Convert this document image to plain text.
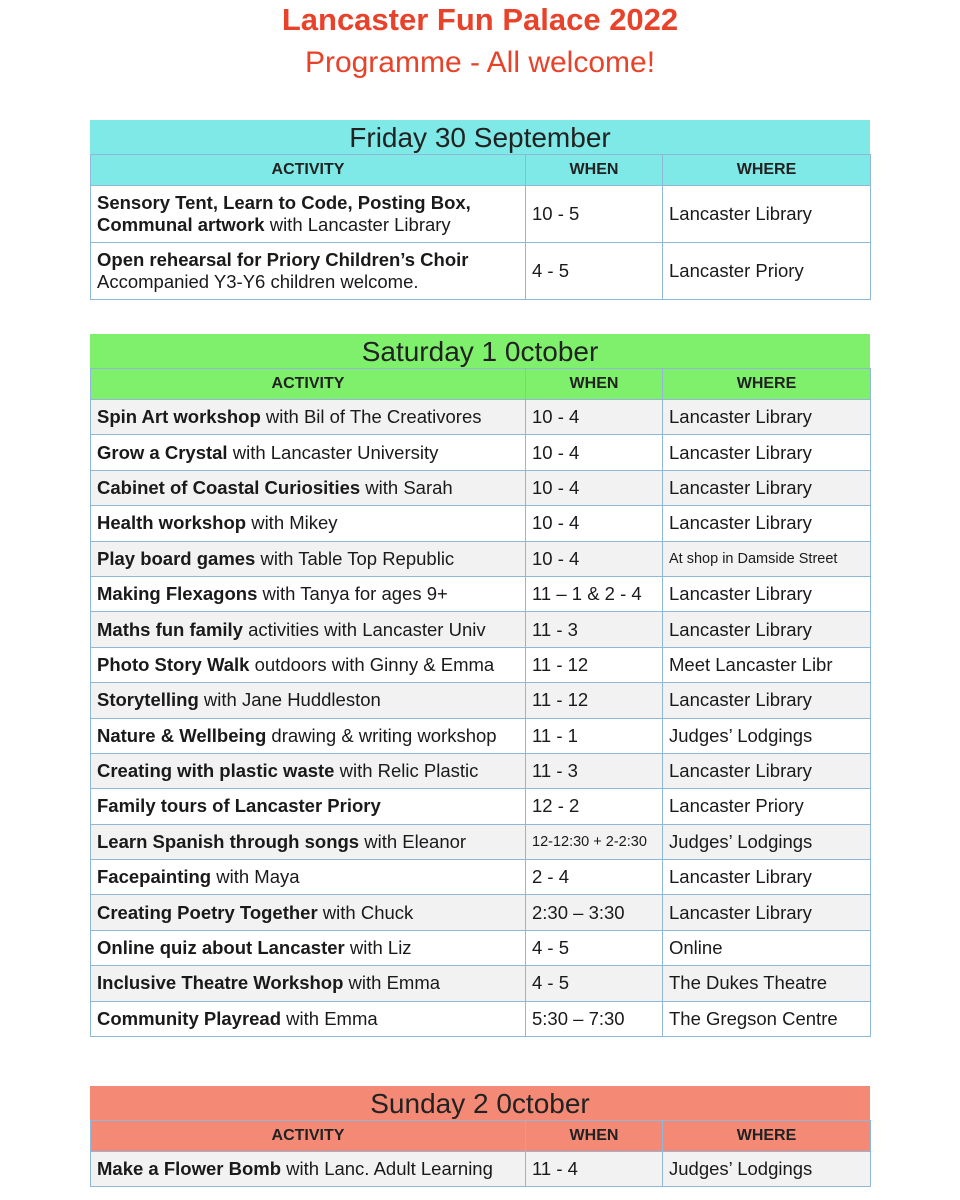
Lancaster Fun Palace 2022
Programme - All welcome!
Friday 30 September
ACTIVITY	WHEN	WHERE
Sensory Tent, Learn to Code, Posting Box, Communal artwork with Lancaster Library	10 - 5	Lancaster Library
Open rehearsal for Priory Children’s Choir Accompanied Y3-Y6 children welcome.	4 - 5	Lancaster Priory
Saturday 1 0ctober
ACTIVITY	WHEN	WHERE
Spin Art workshop with Bil of The Creativores	10 - 4	Lancaster Library
Grow a Crystal with Lancaster University	10 - 4	Lancaster Library
Cabinet of Coastal Curiosities with Sarah	10 - 4	Lancaster Library
Health workshop with Mikey	10 - 4	Lancaster Library
Play board games with Table Top Republic	10 - 4	At shop in Damside Street
Making Flexagons with Tanya for ages 9+	11 – 1 & 2 - 4	Lancaster Library
Maths fun family activities with Lancaster Univ	11 - 3	Lancaster Library
Photo Story Walk outdoors with Ginny & Emma	11 - 12	Meet Lancaster Libr
Storytelling with Jane Huddleston	11 - 12	Lancaster Library
Nature & Wellbeing drawing & writing workshop	11 - 1	Judges’ Lodgings
Creating with plastic waste with Relic Plastic	11 - 3	Lancaster Library
Family tours of Lancaster Priory	12 - 2	Lancaster Priory
Learn Spanish through songs with Eleanor	12-12:30 + 2-2:30	Judges’ Lodgings
Facepainting with Maya	2 - 4	Lancaster Library
Creating Poetry Together with Chuck	2:30 – 3:30	Lancaster Library
Online quiz about Lancaster with Liz	4 - 5	Online
Inclusive Theatre Workshop with Emma	4 - 5	The Dukes Theatre
Community Playread with Emma	5:30 – 7:30	The Gregson Centre
Sunday 2 0ctober
ACTIVITY	WHEN	WHERE
Make a Flower Bomb with Lanc. Adult Learning	11 - 4	Judges’ Lodgings
